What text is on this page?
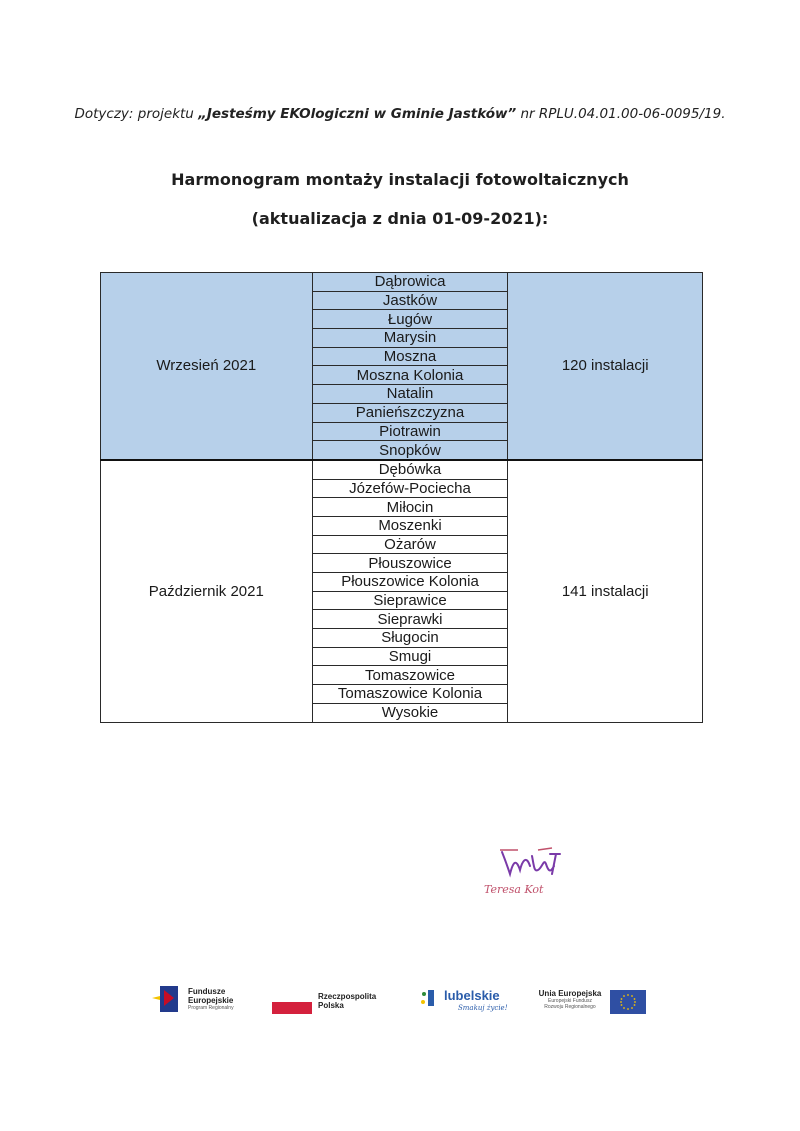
Dotyczy: projektu „Jesteśmy EKOlogiczni w Gminie Jastków” nr RPLU.04.01.00-06-0095/19.
Harmonogram montaży instalacji fotowoltaicznych
(aktualizacja z dnia 01-09-2021):
Wrzesień 2021	Dąbrowica	120 instalacji
	Jastków	
	Ługów	
	Marysin	
	Moszna	
	Moszna Kolonia	
	Natalin	
	Panieńszczyzna	
	Piotrawin	
	Snopków	
Październik 2021	Dębówka	141 instalacji
	Józefów-Pociecha	
	Miłocin	
	Moszenki	
	Ożarów	
	Płouszowice	
	Płouszowice Kolonia	
	Sieprawice	
	Sieprawki	
	Sługocin	
	Smugi	
	Tomaszowice	
	Tomaszowice Kolonia	
	Wysokie	
Teresa Kot
Fundusze
Europejskie
Program Regionalny
Rzeczpospolita
Polska
lubelskie
Smakuj życie!
Unia Europejska
Europejski Fundusz
Rozwoju Regionalnego
